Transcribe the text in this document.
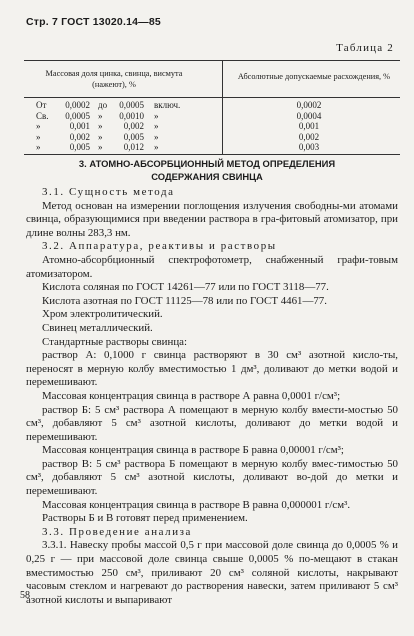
Стр. 7 ГОСТ 13020.14—85
Таблица 2
Массовая доля цинка, свинца, висмута (нажеют), %
Абсолютные допускаемые расхождения, %
От	0,0002 до	0,0005 включ.	0,0002
Св.	0,0005 »	0,0010 »	0,0004
»	0,001 »	0,002 »	0,001
»	0,002 »	0,005 »	0,002
»	0,005 »	0,012 »	0,003
3. АТОМНО-АБСОРБЦИОННЫЙ МЕТОД ОПРЕДЕЛЕНИЯ
СОДЕРЖАНИЯ СВИНЦА

3.1. Сущность метода

Метод основан на измерении поглощения излучения свободны-ми атомами свинца, образующимися при введении раствора в гра-фитовый атомизатор, при длине волны 283,3 нм.

3.2. Аппаратура, реактивы и растворы

Атомно-абсорбционный спектрофотометр, снабженный графи-товым атомизатором.

Кислота соляная по ГОСТ 14261—77 или по ГОСТ 3118—77.

Кислота азотная по ГОСТ 11125—78 или по ГОСТ 4461—77.

Хром электролитический.

Свинец металлический.

Стандартные растворы свинца:

раствор А: 0,1000 г свинца растворяют в 30 см³ азотной кисло-ты, переносят в мерную колбу вместимостью 1 дм³, доливают до метки водой и перемешивают.

Массовая концентрация свинца в растворе А равна 0,0001 г/см³;

раствор Б: 5 см³ раствора А помещают в мерную колбу вмести-мостью 50 см³, добавляют 5 см³ азотной кислоты, доливают до метки водой и перемешивают.

Массовая концентрация свинца в растворе Б равна 0,00001 г/см³;

раствор В: 5 см³ раствора Б помещают в мерную колбу вмес-тимостью 50 см³, добавляют 5 см³ азотной кислоты, доливают во-дой до метки и перемешивают.

Массовая концентрация свинца в растворе В равна 0,000001 г/см³.

Растворы Б и В готовят перед применением.

3.3. Проведение анализа

3.3.1. Навеску пробы массой 0,5 г при массовой доле свинца до 0,0005 % и 0,25 г — при массовой доле свинца свыше 0,0005 % по-мещают в стакан вместимостью 250 см³, приливают 20 см³ соляной кислоты, накрывают часовым стеклом и нагревают до растворения навески, затем приливают 5 см³ азотной кислоты и выпаривают

58
